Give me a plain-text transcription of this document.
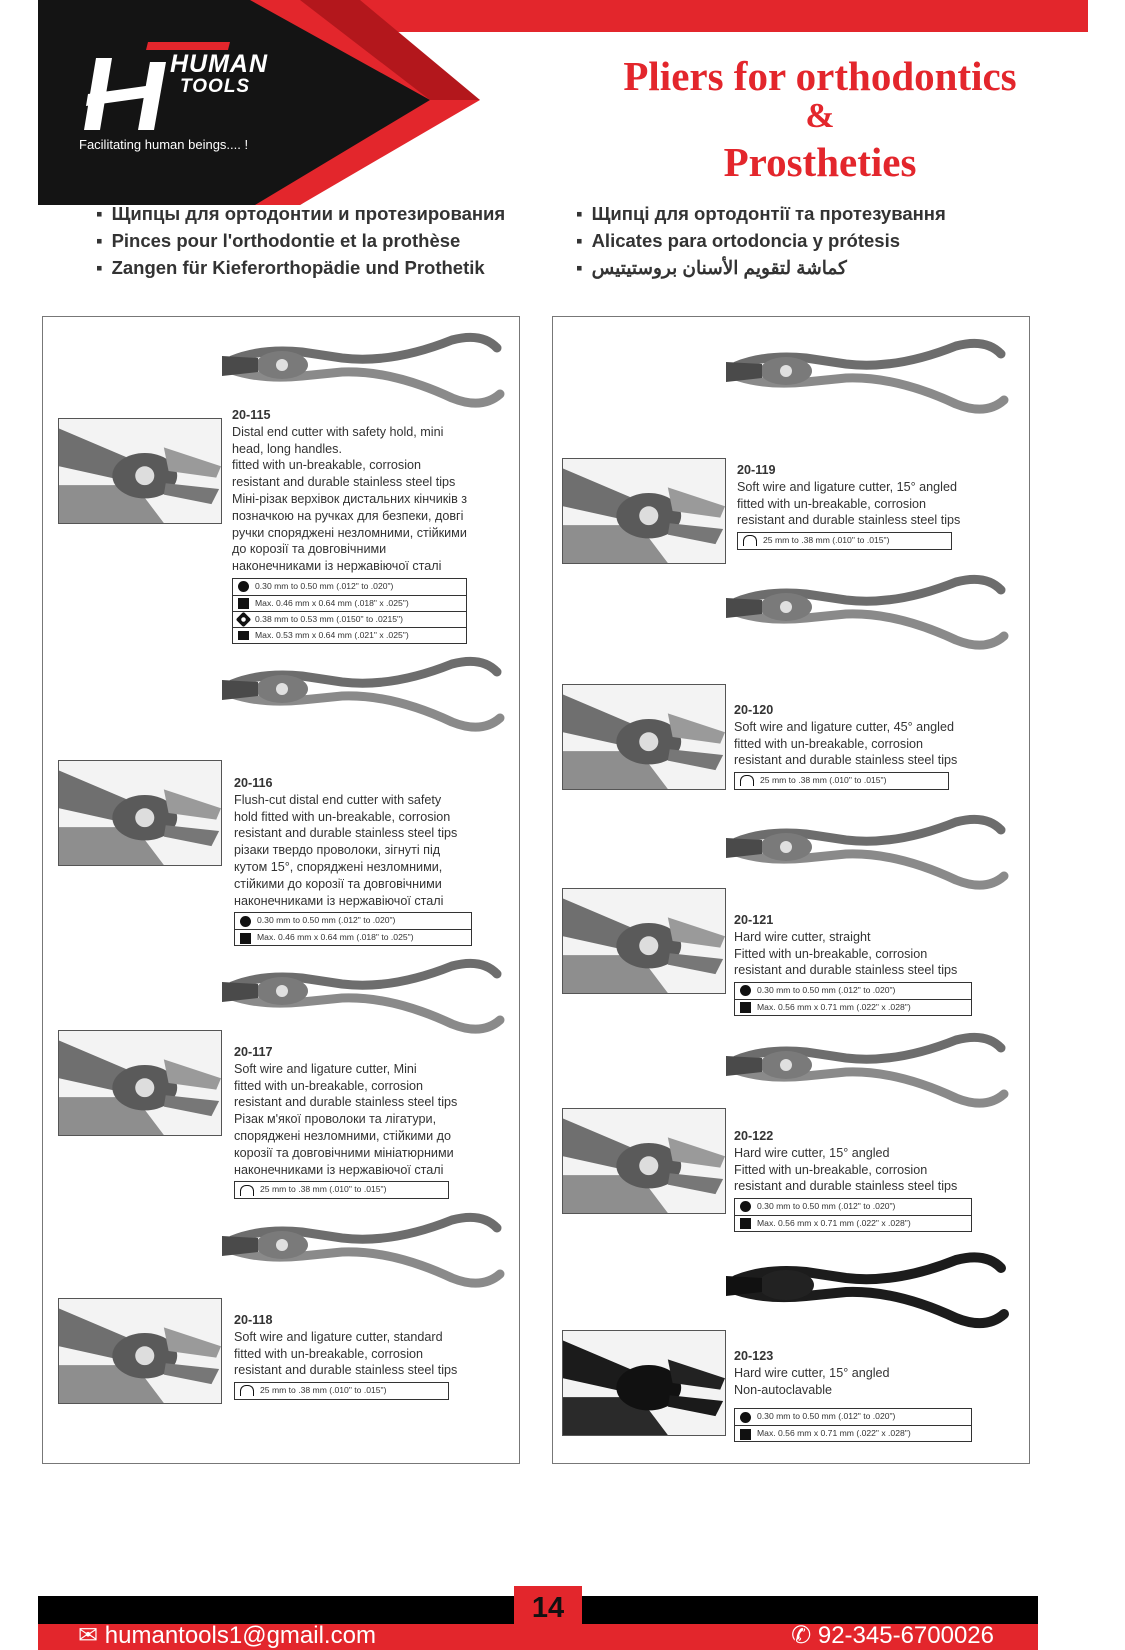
HUMAN
TOOLS
Facilitating human beings.... !
Pliers for orthodontics
&
Prostheties
▪ Щипцы для ортодонтии и протезирования
▪ Pinces pour l'orthodontie et la prothèse
▪ Zangen für Kieferorthopädie und Prothetik
▪ Щипці для ортодонтії та протезування
▪ Alicates para ortodoncia y prótesis
▪ كماشة لتقويم الأسنان بروستيتيس
20-115
Distal end cutter with safety hold, mini
head, long handles.
fitted with un-breakable, corrosion
resistant and durable stainless steel tips
Міні-різак верхівок дистальних кінчиків з
позначкою на ручках для безпеки, довгі
ручки споряджені незломними, стійкими
до корозії та довговічними
наконечниками із нержавіючої сталі
0.30 mm to 0.50 mm (.012" to .020")
Max. 0.46 mm x 0.64 mm (.018" x .025")
0.38 mm to 0.53 mm (.0150" to .0215")
Max. 0.53 mm x 0.64 mm (.021" x .025")
20-116
Flush-cut distal end cutter with safety
hold fitted with un-breakable, corrosion
resistant and durable stainless steel tips
різаки твердо проволоки, зігнуті під
кутом 15°, споряджені незломними,
стійкими до корозії та довговічними
наконечниками із нержавіючої сталі
0.30 mm to 0.50 mm (.012" to .020")
Max. 0.46 mm x 0.64 mm (.018" to .025")
20-117
Soft wire and ligature cutter, Mini
fitted with un-breakable, corrosion
resistant and durable stainless steel tips
Різак м'якої проволоки та лігатури,
споряджені незломними, стійкими до
корозії та довговічними мініатюрними
наконечниками із нержавіючої сталі
25 mm to .38 mm (.010" to .015")
20-118
Soft wire and ligature cutter, standard
fitted with un-breakable, corrosion
resistant and durable stainless steel tips
25 mm to .38 mm (.010" to .015")
20-119
Soft wire and ligature cutter, 15° angled
fitted with un-breakable, corrosion
resistant and durable stainless steel tips
25 mm to .38 mm (.010" to .015")
20-120
Soft wire and ligature cutter, 45° angled
fitted with un-breakable, corrosion
resistant and durable stainless steel tips
25 mm to .38 mm (.010" to .015")
20-121
Hard wire cutter, straight
Fitted with un-breakable, corrosion
resistant and durable stainless steel tips
0.30 mm to 0.50 mm (.012" to .020")
Max. 0.56 mm x 0.71 mm (.022" x .028")
20-122
Hard wire cutter, 15° angled
Fitted with un-breakable, corrosion
resistant and durable stainless steel tips
0.30 mm to 0.50 mm (.012" to .020")
Max. 0.56 mm x 0.71 mm (.022" x .028")
20-123
Hard wire cutter, 15° angled
Non-autoclavable
0.30 mm to 0.50 mm (.012" to .020")
Max. 0.56 mm x 0.71 mm (.022" x .028")
✉ humantools1@gmail.com
14
✆ 92-345-6700026
